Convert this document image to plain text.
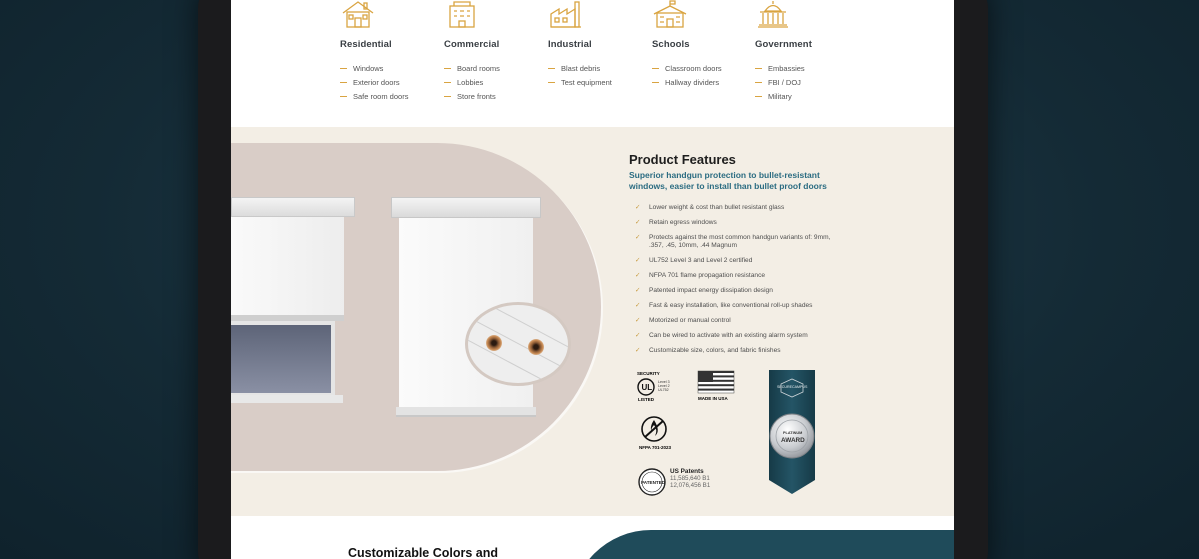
Residential
Windows
Exterior doors
Safe room doors
Commercial
Board rooms
Lobbies
Store fronts
Industrial
Blast debris
Test equipment
Schools
Classroom doors
Hallway dividers
Government
Embassies
FBI / DOJ
Military
Product Features

Superior handgun protection to bullet-resistant windows, easier to install than bullet proof doors

✓	Lower weight & cost than bullet resistant glass
✓	Retain egress windows
✓	Protects against the most common handgun variants of: 9mm, .357, .45, 10mm, .44 Magnum
✓	UL752 Level 3 and Level 2 certified
✓	NFPA 701 flame propagation resistance
✓	Patented impact energy dissipation design
✓	Fast & easy installation, like conventional roll-up shades
✓	Motorized or manual control
✓	Can be wired to activate with an existing alarm system
✓	Customizable size, colors, and fabric finishes
SECURITY
UL
LISTED
Level 3
Level 2
UL752
MADE IN USA
NFPA 701-2023
PATENTED
US Patents
11,585,640 B1
12,076,456 B1
SECURECAMPUS
PLATINUM
AWARD
Customizable Colors and
